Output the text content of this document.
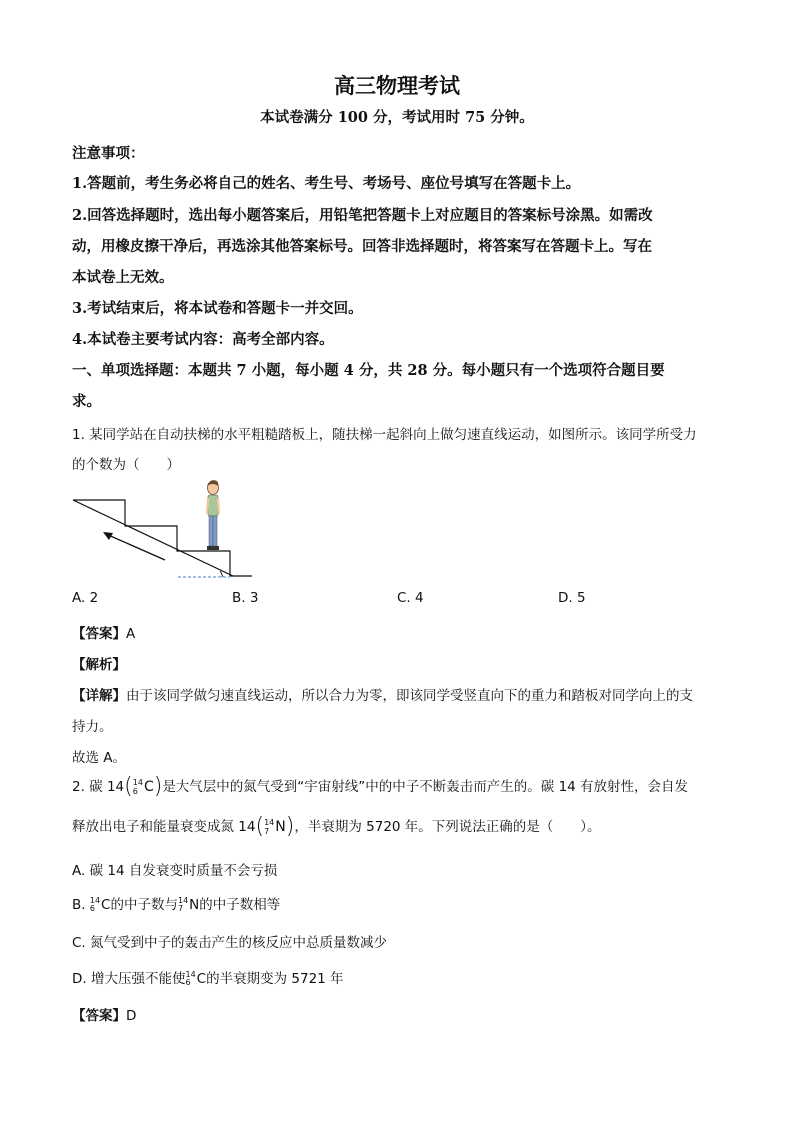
高三物理考试
本试卷满分 100 分，考试用时 75 分钟。
注意事项：
1.答题前，考生务必将自己的姓名、考生号、考场号、座位号填写在答题卡上。
2.回答选择题时，选出每小题答案后，用铅笔把答题卡上对应题目的答案标号涂黑。如需改
动，用橡皮擦干净后，再选涂其他答案标号。回答非选择题时，将答案写在答题卡上。写在
本试卷上无效。
3.考试结束后，将本试卷和答题卡一并交回。
4.本试卷主要考试内容：高考全部内容。
一、单项选择题：本题共 7 小题，每小题 4 分，共 28 分。每小题只有一个选项符合题目要
求。
1. 某同学站在自动扶梯的水平粗糙踏板上，随扶梯一起斜向上做匀速直线运动，如图所示。该同学所受力
的个数为（　　）
A. 2	B. 3	C. 4	D. 5
【答案】A
【解析】
【详解】由于该同学做匀速直线运动，所以合力为零，即该同学受竖直向下的重力和踏板对同学向上的支
持力。
故选 A。
2. 碳 14( 14
6 C)是大气层中的氮气受到“宇宙射线”中的中子不断轰击而产生的。碳 14 有放射性，会自发
释放出电子和能量衰变成氮 14( 14
7 N)，半衰期为 5720 年。下列说法正确的是（　　）。
A. 碳 14 自发衰变时质量不会亏损
B. 14
6 C的中子数与 14
7 N的中子数相等
C. 氮气受到中子的轰击产生的核反应中总质量数减少
D. 增大压强不能使 14
6 C的半衰期变为 5721 年
【答案】D
